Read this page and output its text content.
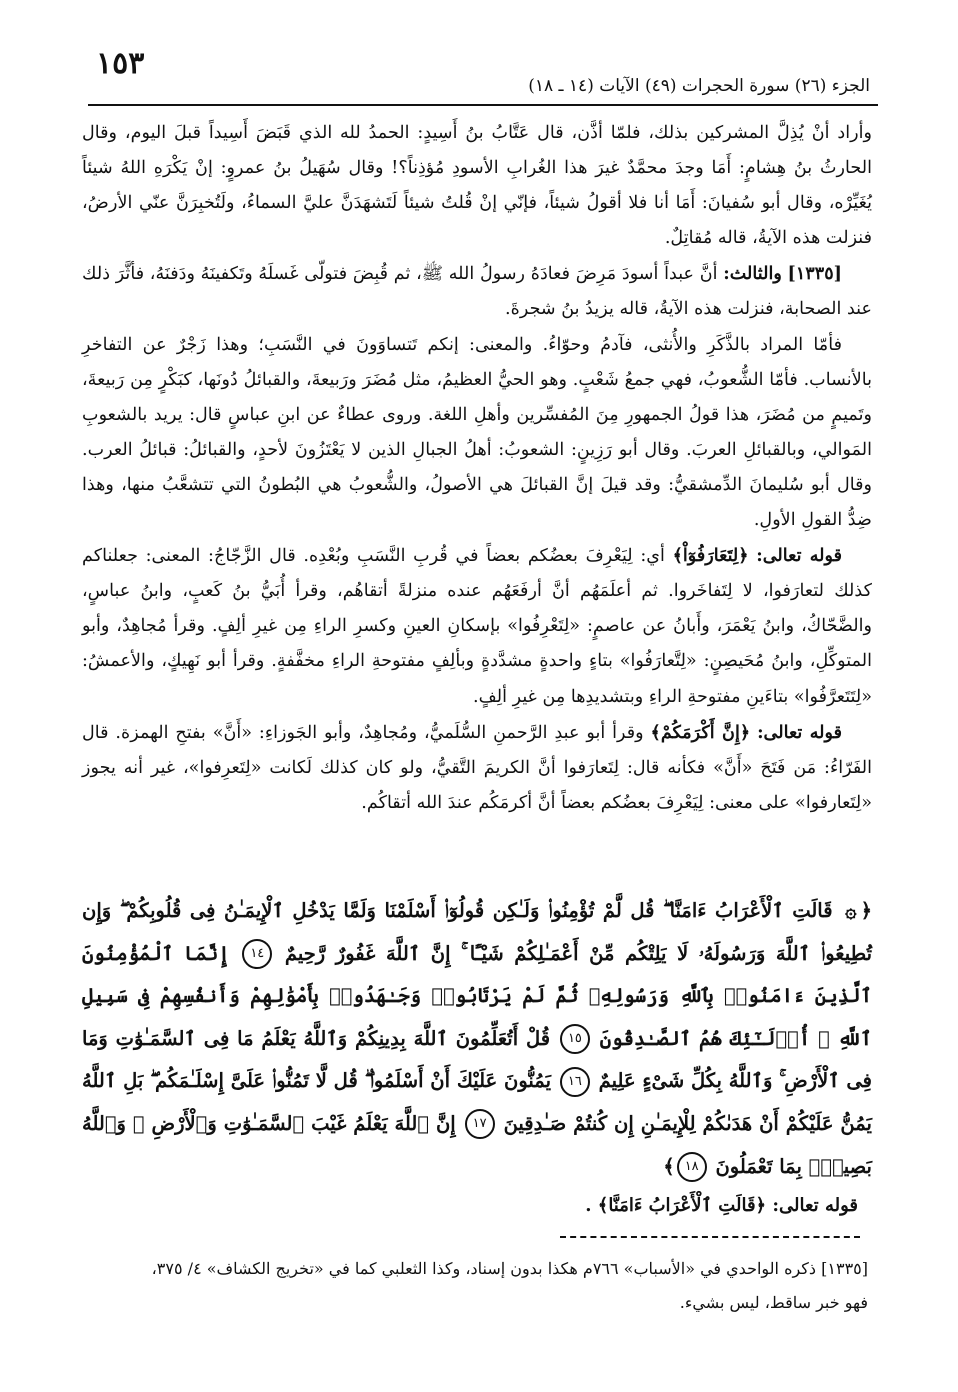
١٥٣
الجزء (٢٦) سورة الحجرات (٤٩) الآيات (١٤ ـ ١٨)

وأراد أنْ يُذِلَّ المشركين بذلك، فلمّا أذَّن، قال عَتَّابُ بنُ أَسِيدٍ: الحمدُ لله الذي قَبَضَ أَسِيداً قبلَ اليوم، وقال الحارثُ بنُ هِشامٍ: أَمَا وجدَ محمَّدٌ غيرَ هذا الغُرابِ الأسودِ مُؤذِناً؟! وقال سُهَيلُ بنُ عمروٍ: إنْ يَكْرَهِ اللهُ شيئاً يُغَيِّرْه، وقال أبو سُفيانَ: أَمَا أنا فلا أقولُ شيئاً، فإنّي إنْ قُلتُ شيئاً لَتَشهَدَنَّ عليَّ السماءُ، ولَتُخبِرَنَّ عنّي الأرضُ، فنزلت هذه الآيةُ، قاله مُقاتِلٌ.

[١٣٣٥] والثالث: أنَّ عبداً أسودَ مَرِضَ فعادَهُ رسولُ الله ﷺ، ثم قُبِضَ فتولّى غَسلَهُ وتَكفينَهُ ودَفنَهُ، فأثَّرَ ذلك عند الصحابة، فنزلت هذه الآيةُ، قاله يزيدُ بنُ شجرةَ.

فأمّا المراد بالذَّكَرِ والأُنثى، فآدمُ وحوّاءُ. والمعنى: إنكم تَتساوَونَ في النَّسَبِ؛ وهذا زَجْرٌ عن التفاخرِ بالأنساب. فأمّا الشُّعوبُ، فهي جمعُ شَعْبٍ. وهو الحيُّ العظيمُ، مثل مُضَرَ ورَبيعةَ، والقبائلُ دُونَها، كبَكْرٍ مِن رَبيعةَ، وتَميمٍ من مُضَرَ، هذا قولُ الجمهورِ مِنَ المُفسِّرين وأهلِ اللغة. وروى عطاءٌ عن ابنِ عباسٍ قال: يريد بالشعوبِ المَوالي، وبالقبائلِ العربَ. وقال أبو رَزِينٍ: الشعوبُ: أهلُ الجبالِ الذين لا يَعْتَزُونَ لأحدٍ، والقبائلُ: قبائلُ العرب. وقال أبو سُليمانَ الدِّمشقيُّ: وقد قيلَ إنَّ القبائلَ هي الأصولُ، والشُّعوبُ هي البُطونُ التي تتشعَّبُ منها، وهذا ضِدُّ القولِ الأولِ.

قوله تعالى: ﴿لِتَعَارَفُوٓاْ﴾ أي: لِيَعْرِفَ بعضُكم بعضاً في قُربِ النَّسَبِ وبُعْدِه. قال الزَّجّاجُ: المعنى: جعلناكم كذلك لتعارَفوا، لا لِتَفاخَروا. ثم أعلَمَهُم أنَّ أرفَعَهُم عنده منزلةً أتقاهُم، وقرأ أُبَيُّ بنُ كَعبٍ، وابنُ عباسٍ، والضَّحّاكُ، وابنُ يَعْمَرَ، وأَبانُ عن عاصمٍ: «لِتَعْرِفُوا» بإسكانِ العينِ وكسرِ الراءِ مِن غيرِ ألِفٍ. وقرأ مُجاهِدٌ، وأبو المتوكِّلِ، وابنُ مُحَيصِنٍ: «لِتَّعارَفُوا» بتاءٍ واحدةٍ مشدَّدةٍ وبألِفٍ مفتوحةِ الراءِ مخفَّفةٍ. وقرأ أبو نَهِيكٍ، والأعمشُ: «لِتَتَعرَّفُوا» بتاءَينِ مفتوحةِ الراءِ وبتشديدِها مِن غيرِ ألِفٍ.

قوله تعالى: ﴿إِنَّ أَكْرَمَكُمْ﴾ وقرأ أبو عبدِ الرَّحمنِ السُّلَميُّ، ومُجاهِدٌ، وأبو الجَوزاءِ: «أَنَّ» بفتحِ الهمزة. قال الفَرّاءُ: مَن فَتَحَ «أَنَّ» فكأنه قال: لِتَعارَفوا أنَّ الكريمَ التَّقيُّ، ولو كان كذلك لَكانت «لِتَعرِفوا»، غير أنه يجوز «لِتَعارفوا» على معنى: لِيَعْرِفَ بعضُكم بعضاً أنَّ أكرمَكُم عندَ الله أتقاكُم.

﴿۞ قَالَتِ ٱلْأَعْرَابُ ءَامَنَّا ۖ قُل لَّمْ تُؤْمِنُوا۟ وَلَـٰكِن قُولُوٓا۟ أَسْلَمْنَا وَلَمَّا يَدْخُلِ ٱلْإِيمَـٰنُ فِى قُلُوبِكُمْ ۖ وَإِن تُطِيعُوا۟ ٱللَّهَ وَرَسُولَهُۥ لَا يَلِتْكُم مِّنْ أَعْمَـٰلِكُمْ شَيْـًٔا ۚ إِنَّ ٱللَّهَ غَفُورٌ رَّحِيمٌ ١٤ إِنَّمَا ٱلْمُؤْمِنُونَ ٱلَّذِينَ ءَامَنُوا۟ بِٱللَّهِ وَرَسُولِهِۦ ثُمَّ لَمْ يَرْتَابُوا۟ وَجَـٰهَدُوا۟ بِأَمْوَٰلِهِمْ وَأَنفُسِهِمْ فِى سَبِيلِ ٱللَّهِ ۚ أُو۟لَـٰٓئِكَ هُمُ ٱلصَّـٰدِقُونَ ١٥ قُلْ أَتُعَلِّمُونَ ٱللَّهَ بِدِينِكُمْ وَٱللَّهُ يَعْلَمُ مَا فِى ٱلسَّمَـٰوَٰتِ وَمَا فِى ٱلْأَرْضِ ۚ وَٱللَّهُ بِكُلِّ شَىْءٍ عَلِيمٌ ١٦ يَمُنُّونَ عَلَيْكَ أَنْ أَسْلَمُوا۟ ۖ قُل لَّا تَمُنُّوا۟ عَلَىَّ إِسْلَـٰمَكُم ۖ بَلِ ٱللَّهُ يَمُنُّ عَلَيْكُمْ أَنْ هَدَىٰكُمْ لِلْإِيمَـٰنِ إِن كُنتُمْ صَـٰدِقِينَ ١٧ إِنَّ ٱللَّهَ يَعْلَمُ غَيْبَ ٱلسَّمَـٰوَٰتِ وَٱلْأَرْضِ ۚ وَٱللَّهُ بَصِيرٌۢ بِمَا تَعْمَلُونَ ١٨﴾
قوله تعالى: ﴿قَالَتِ ٱلْأَعْرَابُ ءَامَنَّا﴾ .

[١٣٣٥] ذكره الواحدي في «الأسباب» ٧٦٦م هكذا بدون إسناد، وكذا الثعلبي كما في «تخريج الكشاف» ٤/ ٣٧٥،

فهو خبر ساقط، ليس بشيء.
